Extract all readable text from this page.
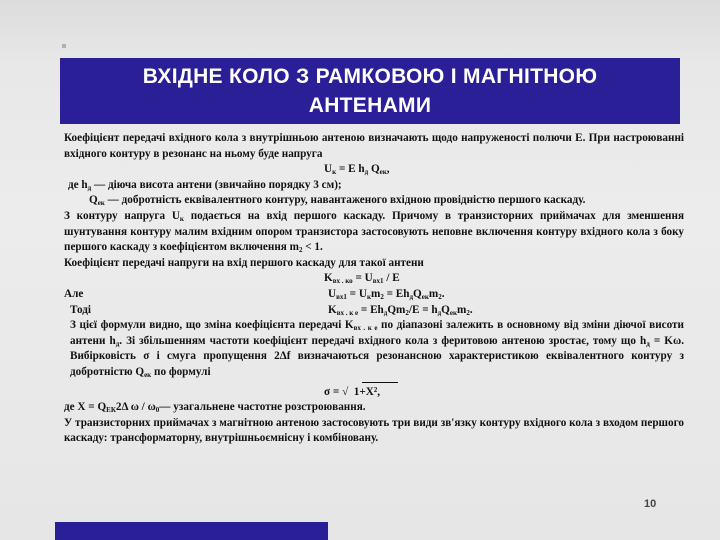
ВХІДНЕ КОЛО З РАМКОВОЮ І МАГНІТНОЮ АНТЕНАМИ

Коефіцієнт передачі вхідного кола з внутрішньою антеною визначають щодо напруженості полючи Е. При настроюванні вхідного контуру в резонанс на ньому буде напруга

$U_к = E$ $h_д$ $Q_{ек}$,

де $h_д$ — діюча висота антени (звичайно порядку 3 см);

$Q_{ек}$ — добротність еквівалентного контуру, навантаженого вхідною провідністю першого каскаду.

З контуру напруга $U_к$ подається на вхід першого каскаду. Причому в транзисторних приймачах для зменшення шунтування контуру малим вхідним опором транзистора застосовують неповне включення контуру вхідного кола з боку першого каскаду з коефіцієнтом включення $m_2 < 1$.

Коефіцієнт передачі напруги на вхід першого каскаду для такої антени

$K_{вх . ко} = U_{вх1} / E$

Але	$U_{вх1} = U_кm_2 = Eh_дQ_{ек}m_2$.
Тоді	$K_{вх . к е} = Eh_дQm_2/E = h_дQ_{ек}m_2$.

З цієї формули видно, що зміна коефіцієнта передачі $K_{вх . к е}$ по діапазоні залежить в основному від зміни діючої висоти антени $h_д$. Зі збільшенням частоти коефіцієнт передачі вхідного кола з феритовою антеною зростає, тому що $h_д = K\omega$. Вибірковість σ і смуга пропущення 2Δf визначаються резонансною характеристикою еквівалентного контуру з добротністю $Q_{ек}$ по формулі

σ =
√ 1+X²,

де $X = Q_{ЕК}2\Delta$ ω / $\omega_0—$ узагальнене частотне розстроювання.

У транзисторних приймачах з магнітною антеною застосовують три види зв'язку контуру вхідного кола з входом першого каскаду: трансформаторну, внутрішньоємнісну і комбіновану.

10
